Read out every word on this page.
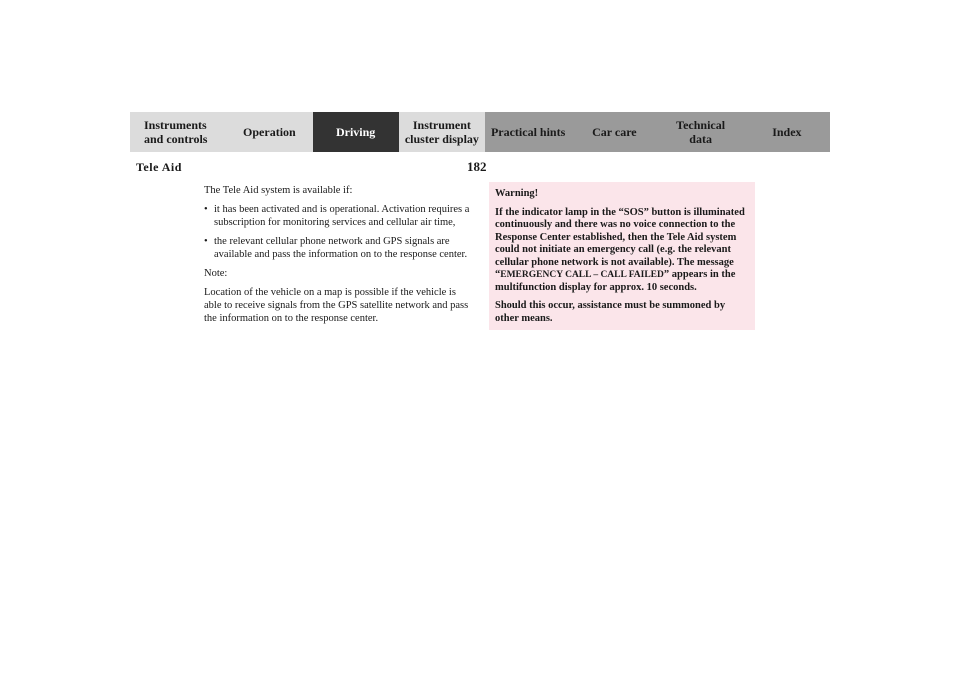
Instruments
and controls	Operation	Driving	Instrument
cluster display	Practical hints	Car care	Technical
data	Index
Tele Aid	182

The Tele Aid system is available if:

• it has been activated and is operational. Activation requires a subscription for monitoring services and cellular air time,
• the relevant cellular phone network and GPS signals are available and pass the information on to the response center.

Note:

Location of the vehicle on a map is possible if the vehicle is able to receive signals from the GPS satellite network and pass the information on to the response center.

Warning!

If the indicator lamp in the “SOS” button is illuminated continuously and there was no voice connection to the Response Center established, then the Tele Aid system could not initiate an emergency call (e.g. the relevant cellular phone network is not available). The message “EMERGENCY CALL – CALL FAILED” appears in the multifunction display for approx. 10 seconds.

Should this occur, assistance must be summoned by other means.
